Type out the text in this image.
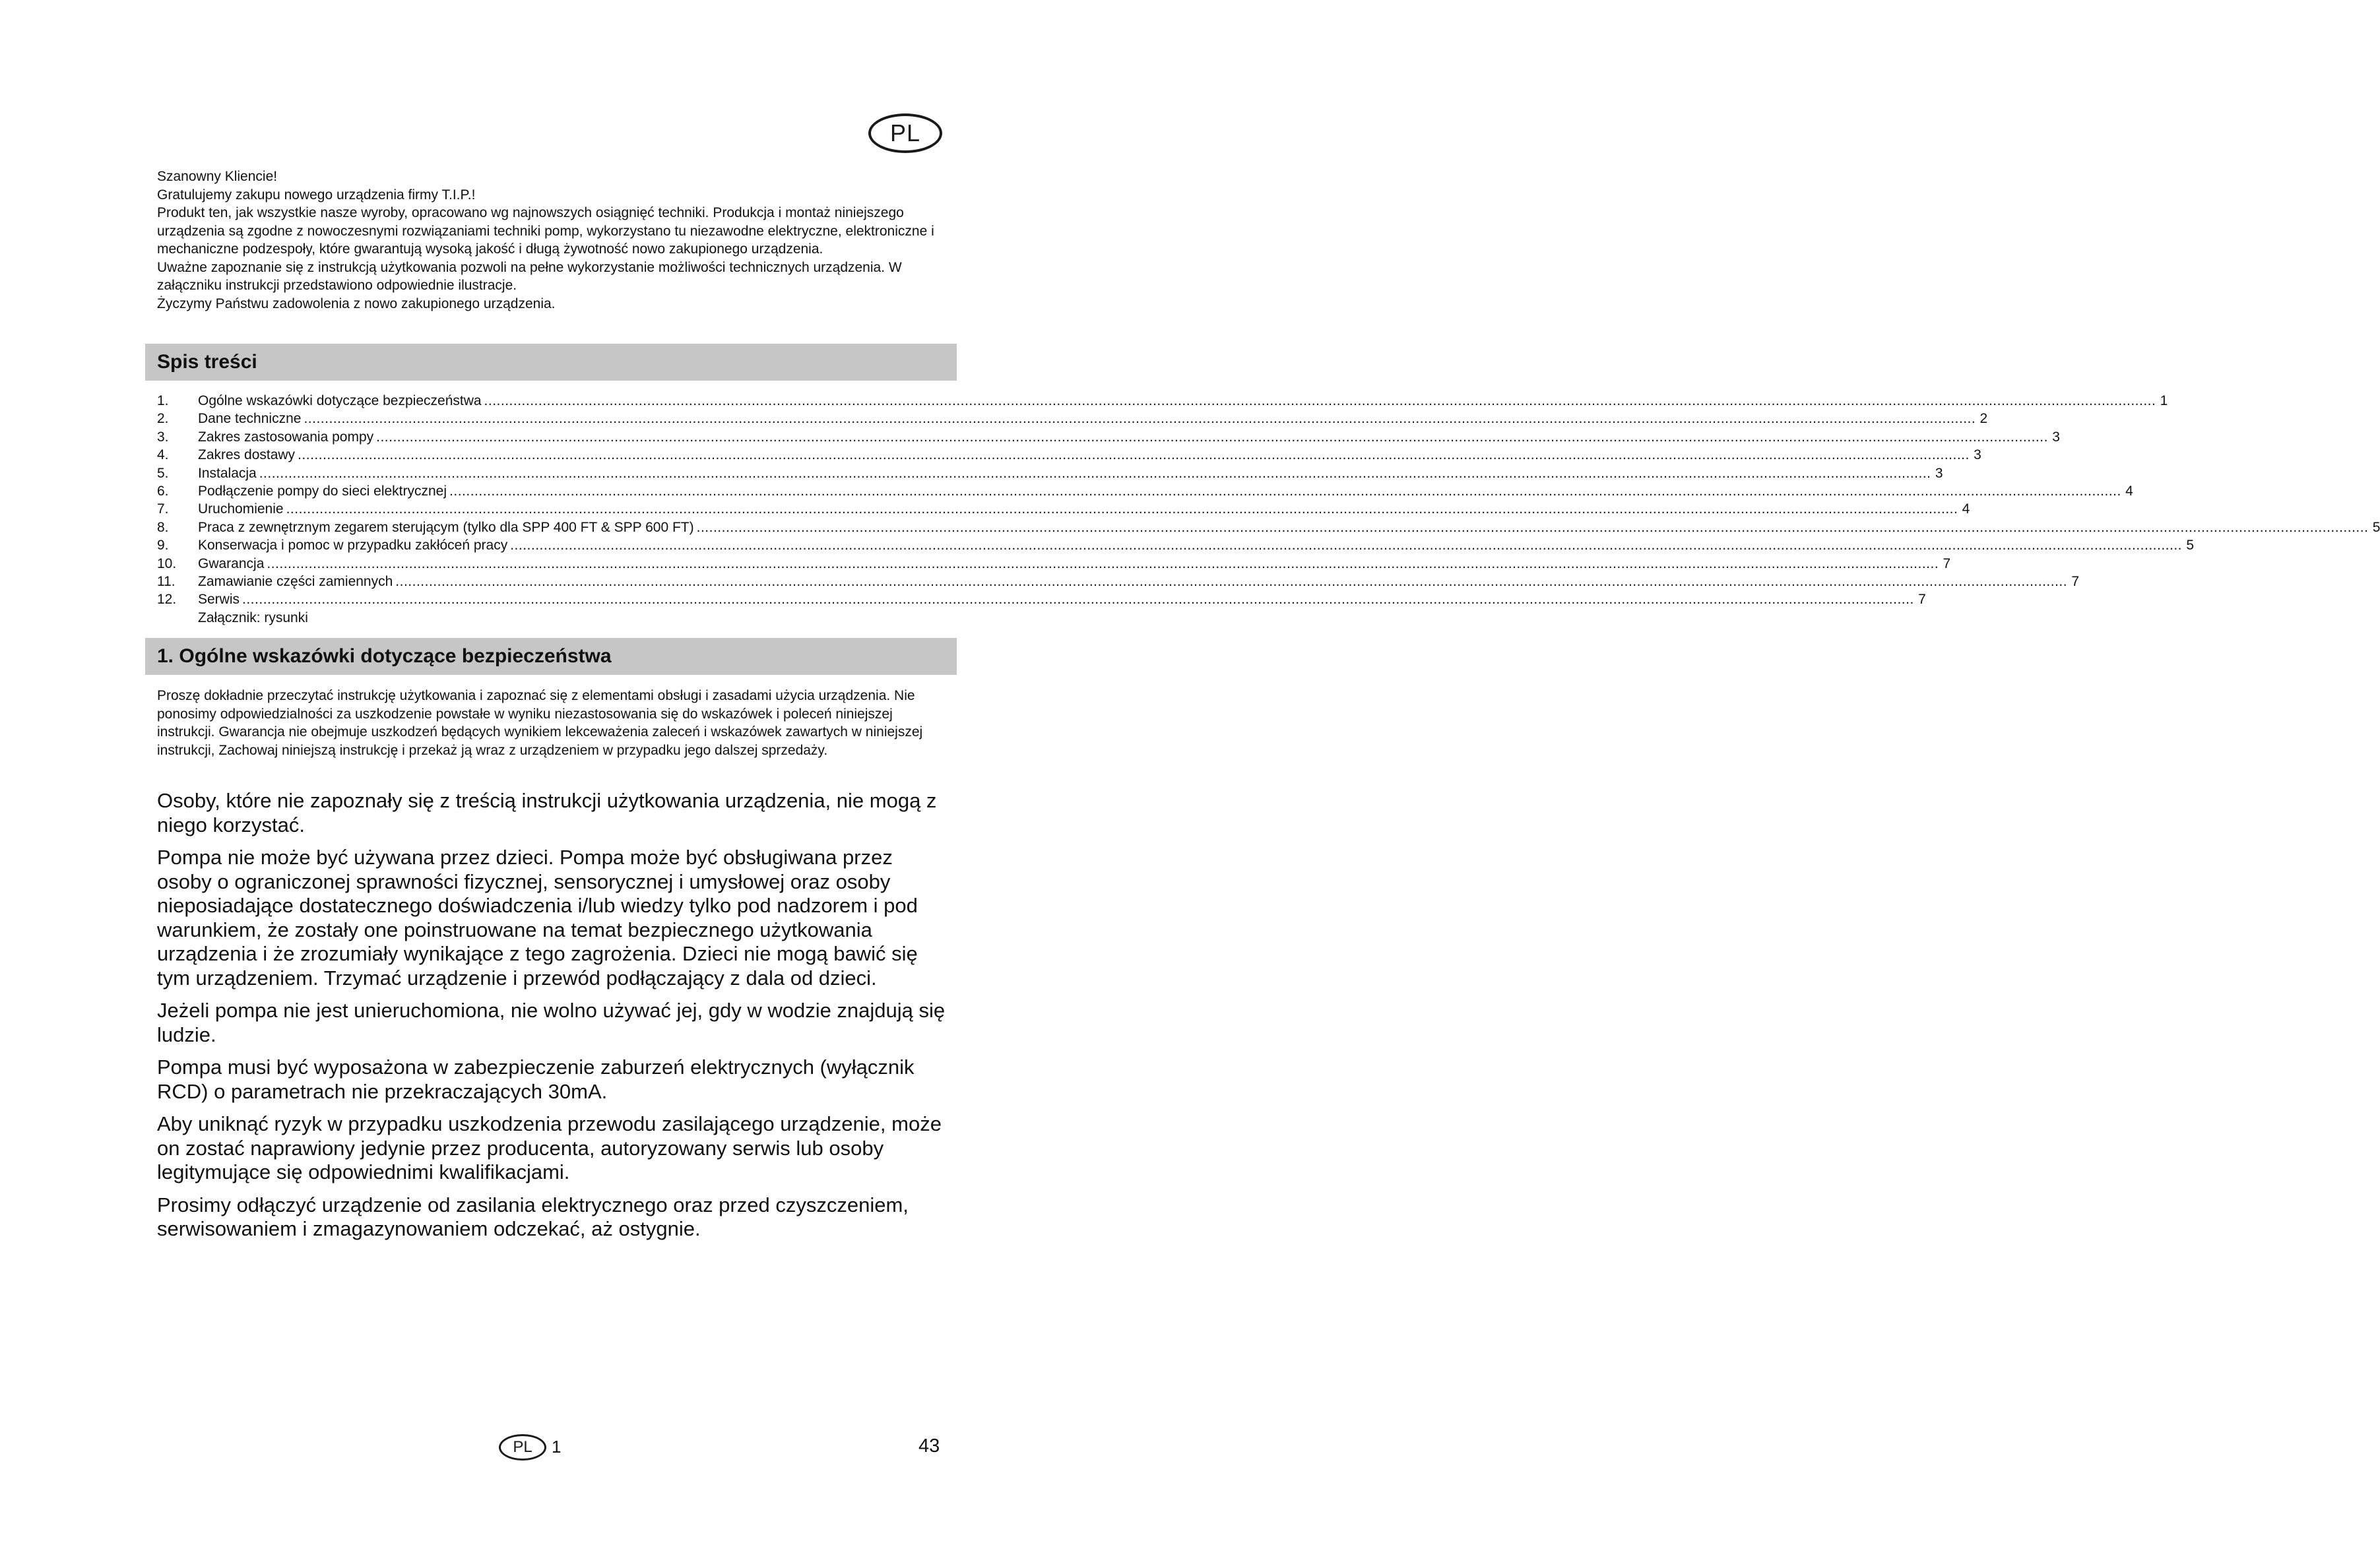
PL

Szanowny Kliencie!

Gratulujemy zakupu nowego urządzenia firmy T.I.P.!

Produkt ten, jak wszystkie nasze wyroby, opracowano wg najnowszych osiągnięć techniki. Produkcja i montaż niniejszego urządzenia są zgodne z nowoczesnymi rozwiązaniami techniki pomp, wykorzystano tu niezawodne elektryczne, elektroniczne i mechaniczne podzespoły, które gwarantują wysoką jakość i długą żywotność nowo zakupionego urządzenia.

Uważne zapoznanie się z instrukcją użytkowania pozwoli na pełne wykorzystanie możliwości technicznych urządzenia. W załączniku instrukcji przedstawiono odpowiednie ilustracje.

Życzymy Państwu zadowolenia z nowo zakupionego urządzenia.

Spis treści
1.	Ogólne wskazówki dotyczące bezpieczeństwa ................................................................................................................................................................................................................................................................................................................................................................................................................ 1
2.	Dane techniczne ................................................................................................................................................................................................................................................................................................................................................................................................................ 2
3.	Zakres zastosowania pompy ................................................................................................................................................................................................................................................................................................................................................................................................................ 3
4.	Zakres dostawy ................................................................................................................................................................................................................................................................................................................................................................................................................ 3
5.	Instalacja ................................................................................................................................................................................................................................................................................................................................................................................................................ 3
6.	Podłączenie pompy do sieci elektrycznej ................................................................................................................................................................................................................................................................................................................................................................................................................ 4
7.	Uruchomienie ................................................................................................................................................................................................................................................................................................................................................................................................................ 4
8.	Praca z zewnętrznym zegarem sterującym (tylko dla SPP 400 FT & SPP 600 FT) ................................................................................................................................................................................................................................................................................................................................................................................................................ 5
9.	Konserwacja i pomoc w przypadku zakłóceń pracy ................................................................................................................................................................................................................................................................................................................................................................................................................ 5
10.	Gwarancja ................................................................................................................................................................................................................................................................................................................................................................................................................ 7
11.	Zamawianie części zamiennych ................................................................................................................................................................................................................................................................................................................................................................................................................ 7
12.	Serwis ................................................................................................................................................................................................................................................................................................................................................................................................................ 7
Załącznik: rysunki
1. Ogólne wskazówki dotyczące bezpieczeństwa

Proszę dokładnie przeczytać instrukcję użytkowania i zapoznać się z elementami obsługi i zasadami użycia urządzenia. Nie ponosimy odpowiedzialności za uszkodzenie powstałe w wyniku niezastosowania się do wskazówek i poleceń niniejszej instrukcji. Gwarancja nie obejmuje uszkodzeń będących wynikiem lekceważenia zaleceń i wskazówek zawartych w niniejszej instrukcji, Zachowaj niniejszą instrukcję i przekaż ją wraz z urządzeniem w przypadku jego dalszej sprzedaży.

Osoby, które nie zapoznały się z treścią instrukcji użytkowania urządzenia, nie mogą z niego korzystać.

Pompa nie może być używana przez dzieci. Pompa może być obsługiwana przez osoby o ograniczonej sprawności fizycznej, sensorycznej i umysłowej oraz osoby nieposiadające dostatecznego doświadczenia i/lub wiedzy tylko pod nadzorem i pod warunkiem, że zostały one poinstruowane na temat bezpiecznego użytkowania urządzenia i że zrozumiały wynikające z tego zagrożenia. Dzieci nie mogą bawić się tym urządzeniem. Trzymać urządzenie i przewód podłączający z dala od dzieci.

Jeżeli pompa nie jest unieruchomiona, nie wolno używać jej, gdy w wodzie znajdują się ludzie.

Pompa musi być wyposażona w zabezpieczenie zaburzeń elektrycznych (wyłącznik RCD) o parametrach nie przekraczających 30mA.

Aby uniknąć ryzyk w przypadku uszkodzenia przewodu zasilającego urządzenie, może on zostać naprawiony jedynie przez producenta, autoryzowany serwis lub osoby legitymujące się odpowiednimi kwalifikacjami.

Prosimy odłączyć urządzenie od zasilania elektrycznego oraz przed czyszczeniem, serwisowaniem i zmagazynowaniem odczekać, aż ostygnie.

PL	1	43
